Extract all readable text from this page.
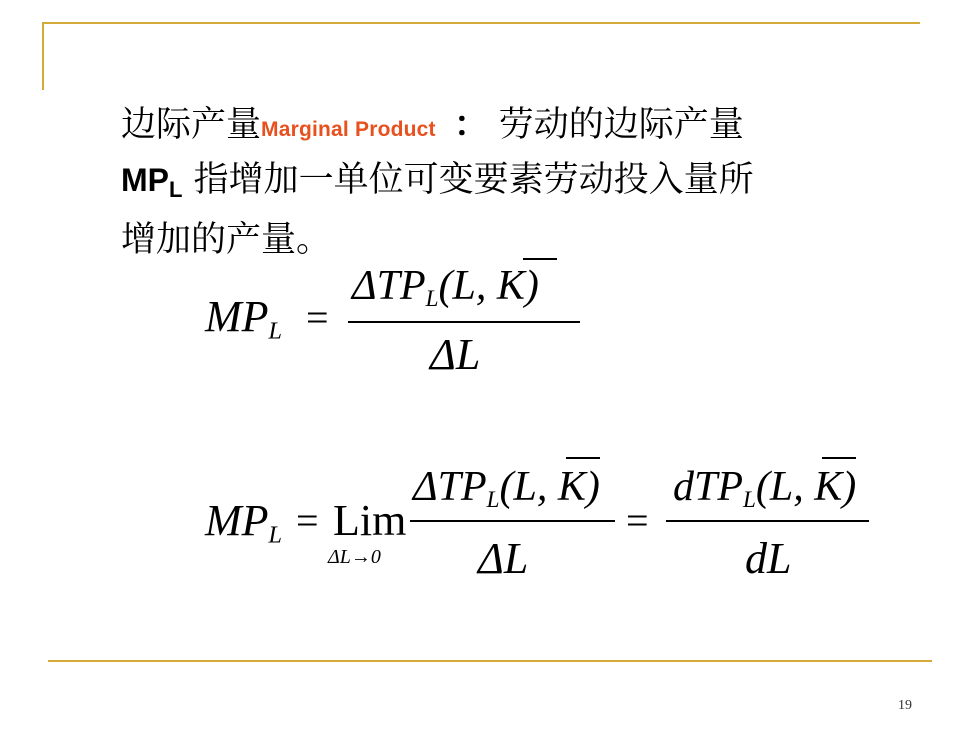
边际产量Marginal Product ： 劳动的边际产量
$MP_L$ 指增加一单位可变要素劳动投入量所
增加的产量。
$MP_L$ =
$\Delta TP_L(L$, K)
ΔL
$MP_L$ = Lim
ΔL→0
$\Delta TP_L(L$, K)
ΔL
=
dTP$_L$(L, K)
dL
19
